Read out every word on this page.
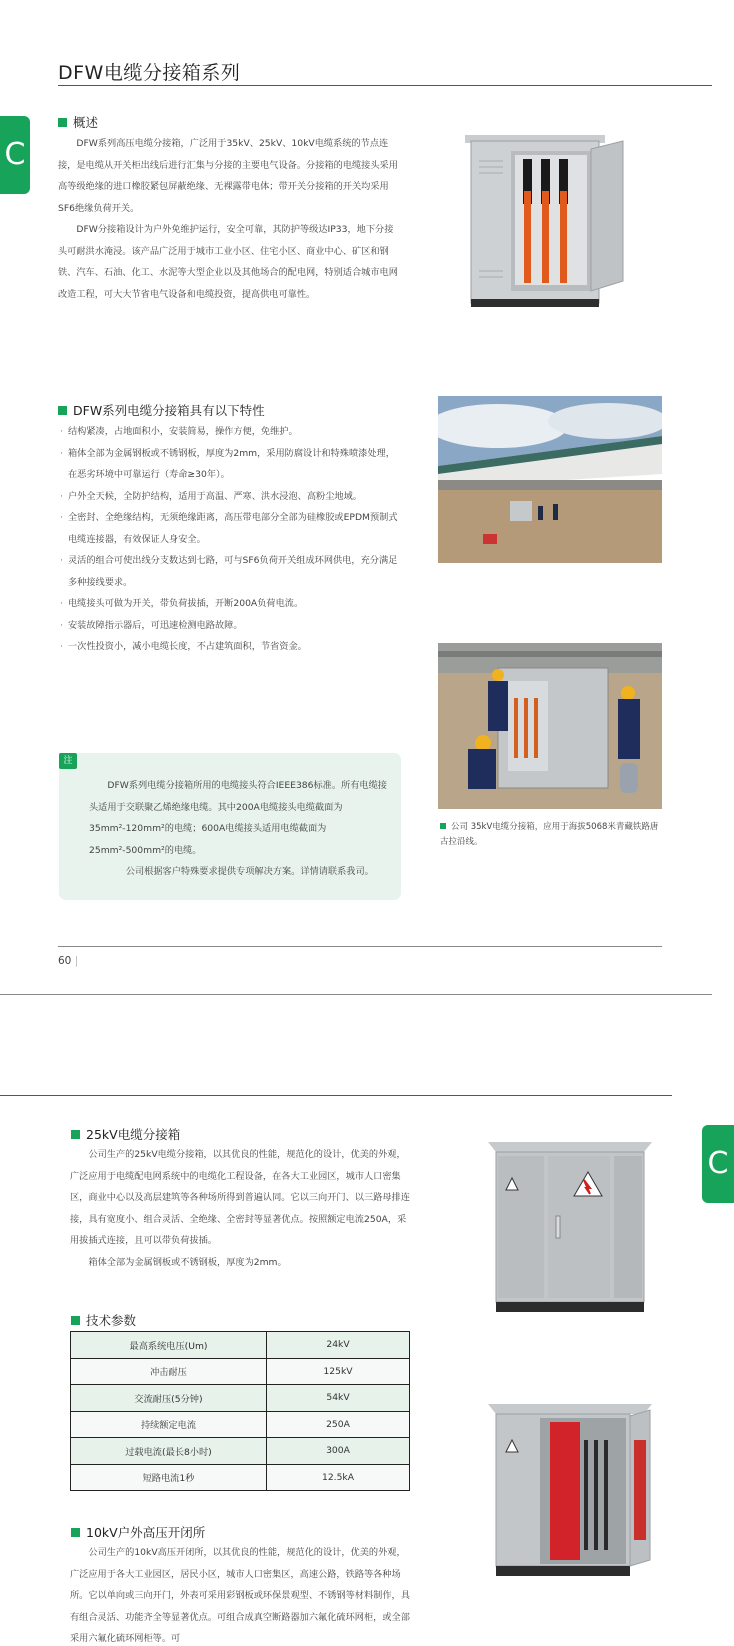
DFW电缆分接箱系列
C
概述

DFW系列高压电缆分接箱，广泛用于35kV、25kV、10kV电缆系统的节点连接，是电缆从开关柜出线后进行汇集与分接的主要电气设备。分接箱的电缆接头采用高等级绝缘的进口橡胶紧包屏蔽绝缘、无裸露带电体；带开关分接箱的开关均采用SF6绝缘负荷开关。

DFW分接箱设计为户外免维护运行，安全可靠，其防护等级达IP33，地下分接头可耐洪水淹浸。该产品广泛用于城市工业小区、住宅小区、商业中心、矿区和钢铁、汽车、石油、化工、水泥等大型企业以及其他场合的配电网，特别适合城市电网改造工程，可大大节省电气设备和电缆投资，提高供电可靠性。

DFW系列电缆分接箱具有以下特性

· 结构紧凑，占地面积小，安装简易，操作方便，免维护。

· 箱体全部为金属钢板或不锈钢板，厚度为2mm，采用防腐设计和特殊喷漆处理，在恶劣环境中可靠运行（寿命≥30年）。

· 户外全天候，全防护结构，适用于高温、严寒、洪水浸泡、高粉尘地域。

· 全密封、全绝缘结构，无须绝缘距离，高压带电部分全部为硅橡胶或EPDM预制式电缆连接器，有效保证人身安全。

· 灵活的组合可使出线分支数达到七路，可与SF6负荷开关组成环网供电，充分满足多种接线要求。

· 电缆接头可做为开关，带负荷拔插，开断200A负荷电流。

· 安装故障指示器后，可迅速检测电路故障。

· 一次性投资小，减小电缆长度，不占建筑面积，节省资金。

公司 35kV电缆分接箱，应用于海拔5068米青藏铁路唐古拉沿线。

DFW系列电缆分接箱所用的电缆接头符合IEEE386标准。所有电缆接头适用于交联聚乙烯绝缘电缆。其中200A电缆接头电缆截面为35mm²-120mm²的电缆；600A电缆接头适用电缆截面为25mm²-500mm²的电缆。

公司根据客户特殊要求提供专项解决方案。详情请联系我司。

注
60 |
C
25kV电缆分接箱

公司生产的25kV电缆分接箱，以其优良的性能，规范化的设计，优美的外观，广泛应用于电缆配电网系统中的电缆化工程设备，在各大工业园区，城市人口密集区，商业中心以及高层建筑等各种场所得到普遍认同。它以三向开门、以三路母排连接，具有宽度小、组合灵活、全绝缘、全密封等显著优点。按照额定电流250A，采用拔插式连接，且可以带负荷拔插。

箱体全部为金属钢板或不锈钢板，厚度为2mm。

技术参数
最高系统电压(Um)	24kV
冲击耐压	125kV
交流耐压(5分钟)	54kV
持续额定电流	250A
过载电流(最长8小时)	300A
短路电流1秒	12.5kA
10kV户外高压开闭所

公司生产的10kV高压开闭所，以其优良的性能，规范化的设计，优美的外观，广泛应用于各大工业园区，居民小区，城市人口密集区，高速公路，铁路等各种场所。它以单向或三向开门，外表可采用彩钢板或环保景观型、不锈钢等材料制作，具有组合灵活、功能齐全等显著优点。可组合成真空断路器加六氟化硫环网柜，或全部采用六氟化硫环网柜等。可
